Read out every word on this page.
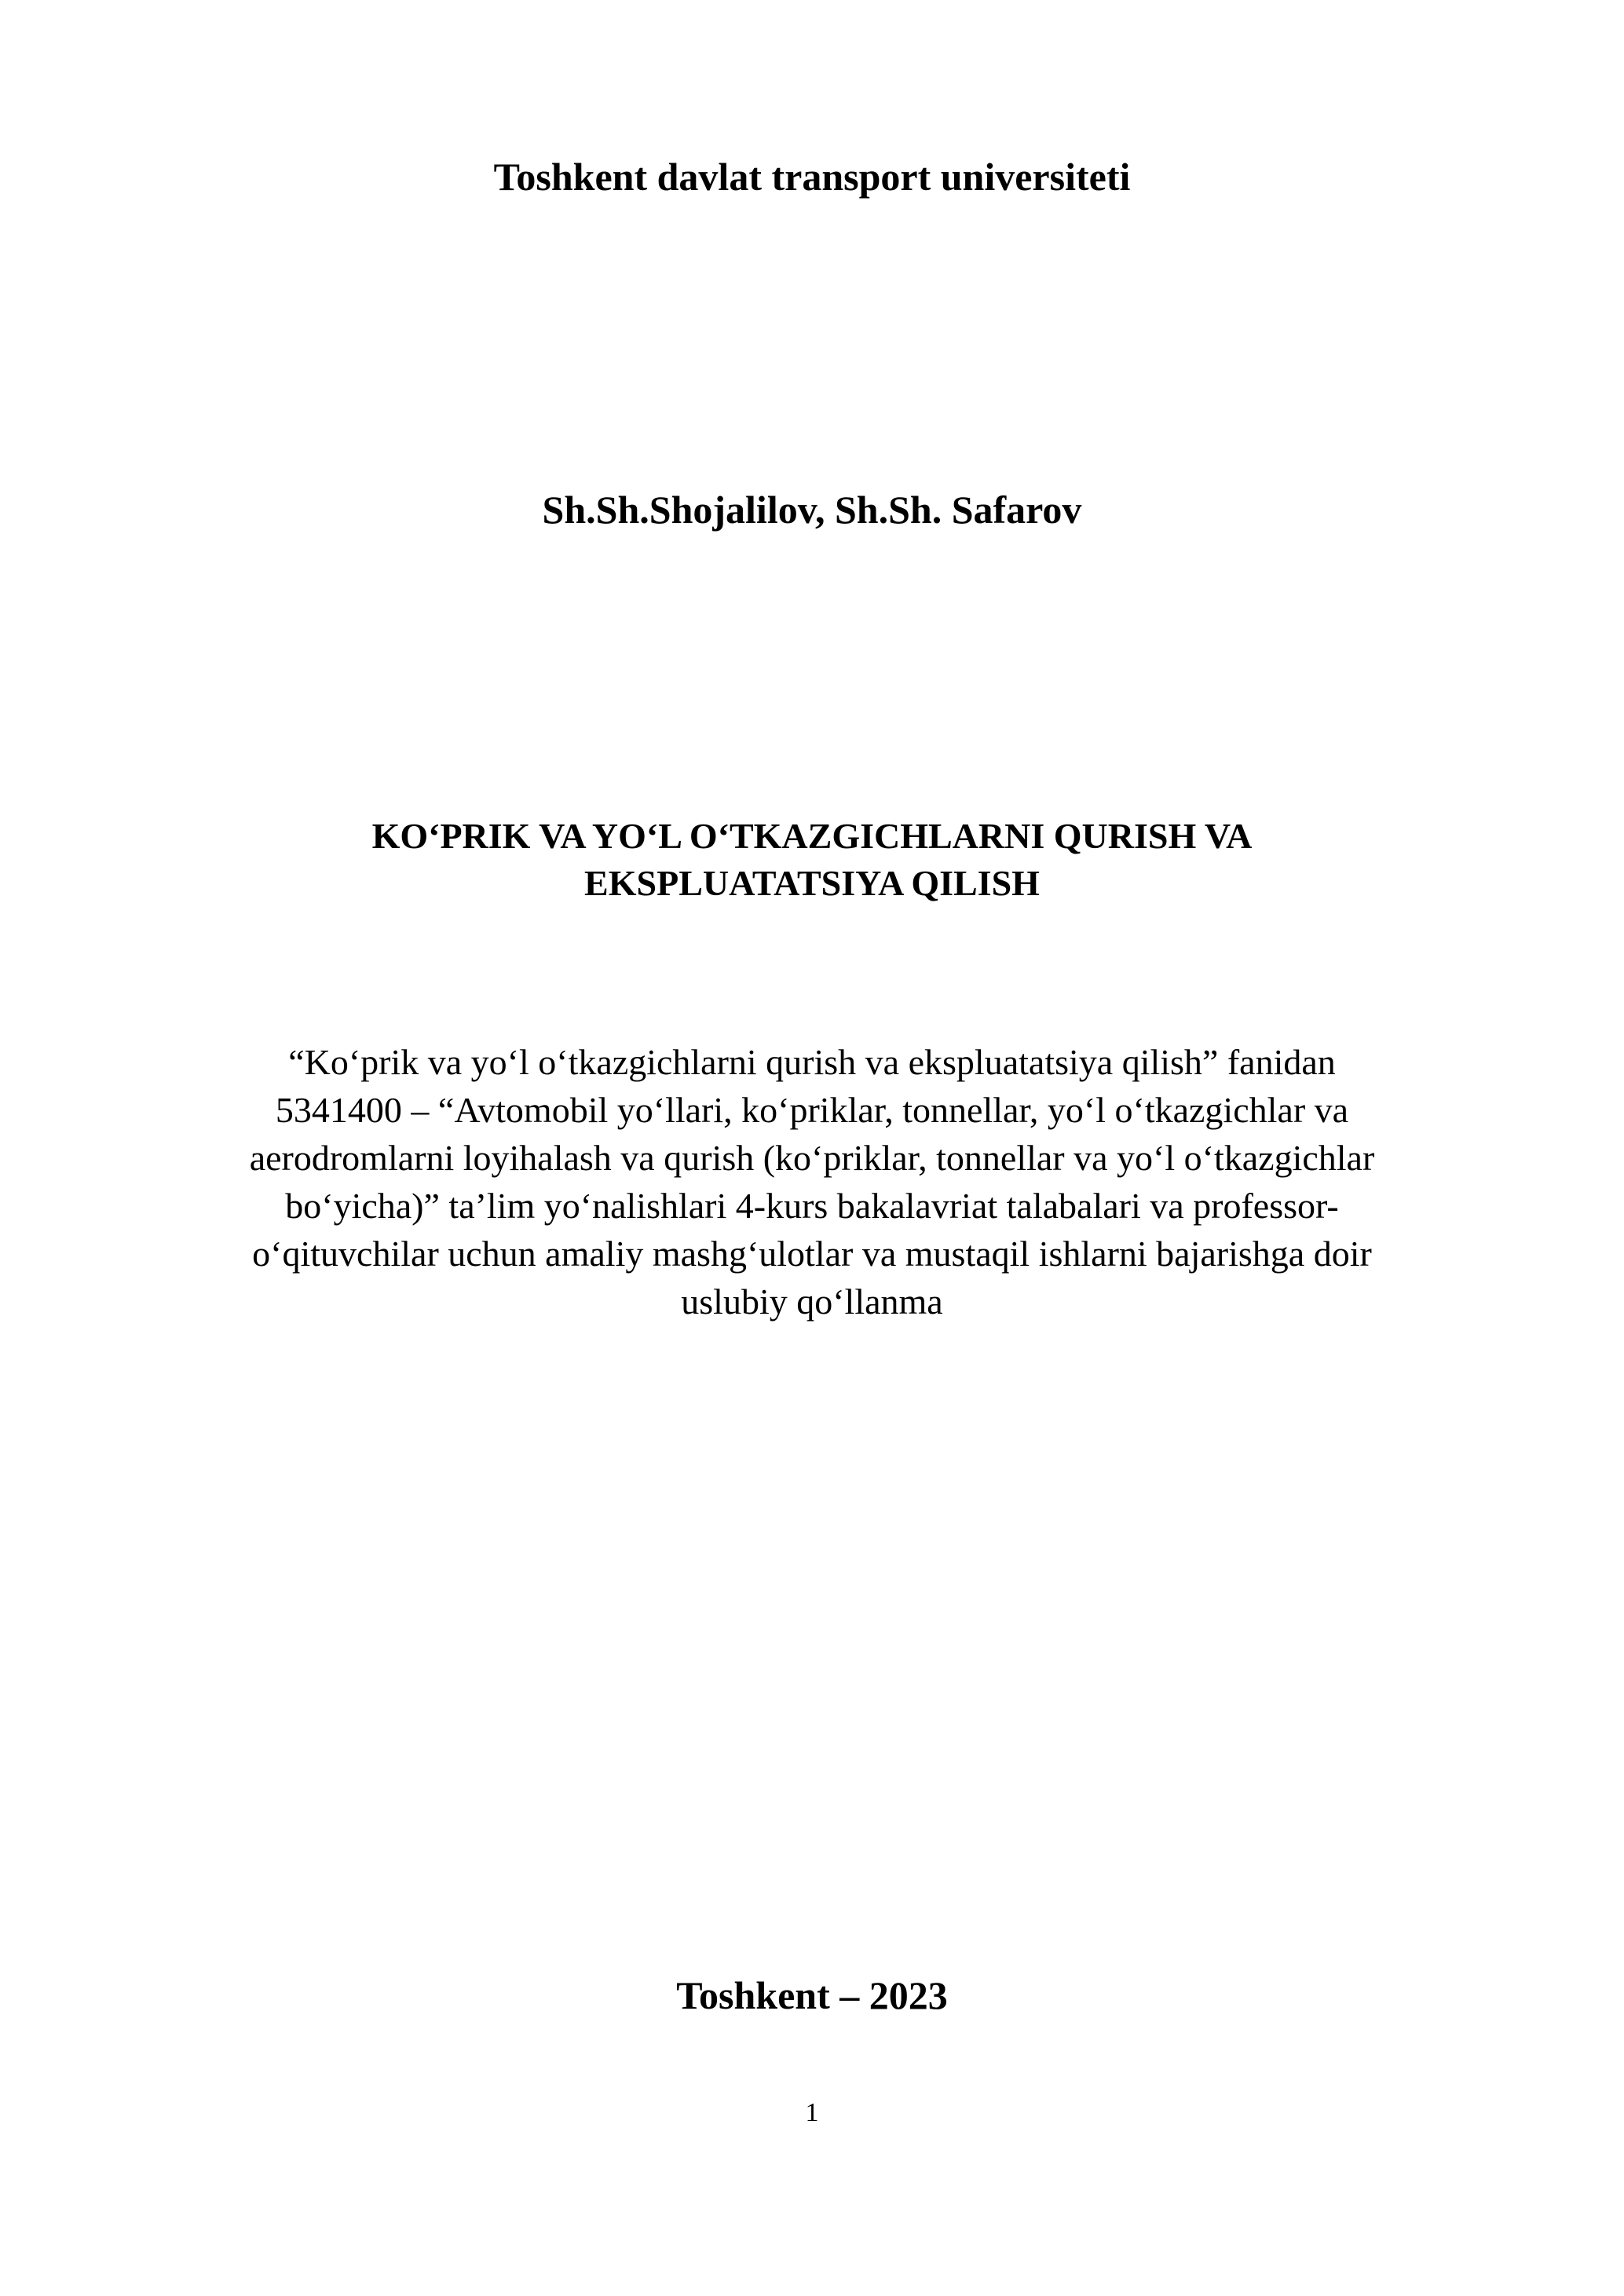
Toshkent davlat transport universiteti

Sh.Sh.Shojalilov, Sh.Sh. Safarov

KO‘PRIK VA YO‘L O‘TKAZGICHLARNI QURISH VA
EKSPLUATATSIYA QILISH
“Ko‘prik va yo‘l o‘tkazgichlarni qurish va ekspluatatsiya qilish” fanidan
5341400 – “Avtomobil yo‘llari, ko‘priklar, tonnellar, yo‘l o‘tkazgichlar va
aerodromlarni loyihalash va qurish (ko‘priklar, tonnellar va yo‘l o‘tkazgichlar
bo‘yicha)” ta’lim yo‘nalishlari 4-kurs bakalavriat talabalari va professor-
o‘qituvchilar uchun amaliy mashg‘ulotlar va mustaqil ishlarni bajarishga doir
uslubiy qo‘llanma

Toshkent – 2023

1
